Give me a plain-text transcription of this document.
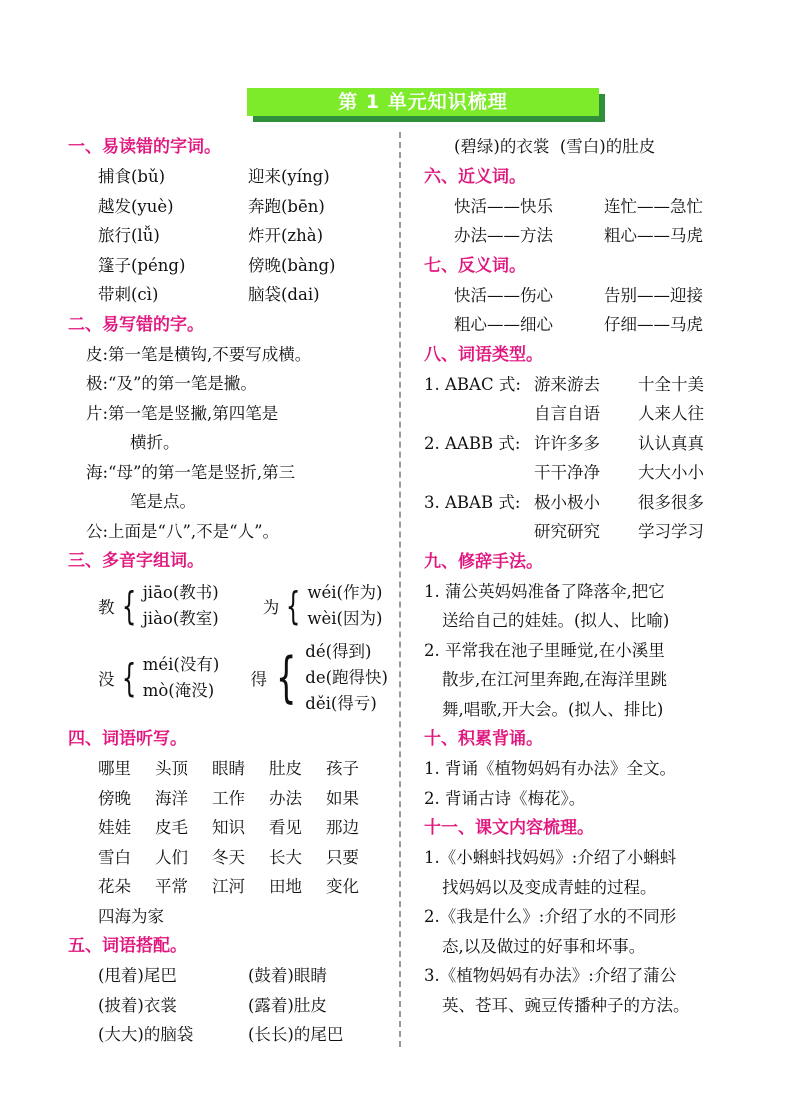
第 1 单元知识梳理
一、易读错的字词。
捕食(bǔ)	迎来(yíng)
越发(yuè)	奔跑(bēn)
旅行(lǚ)	炸开(zhà)
篷子(péng)	傍晚(bàng)
带刺(cì)	脑袋(dai)
二、易写错的字。
皮:第一笔是横钩,不要写成横。
极:“及”的第一笔是撇。
片:第一笔是竖撇,第四笔是
横折。
海:“母”的第一笔是竖折,第三
笔是点。
公:上面是“八”,不是“人”。
三、多音字组词。
教 { jiāo(教书)
jiào(教室)
为 { wéi(作为)
wèi(因为)
没 { méi(没有)
mò(淹没)
得 { dé(得到)
de(跑得快)
děi(得亏)
四、词语听写。
哪里	头顶	眼睛	肚皮	孩子
傍晚	海洋	工作	办法	如果
娃娃	皮毛	知识	看见	那边
雪白	人们	冬天	长大	只要
花朵	平常	江河	田地	变化
四海为家
五、词语搭配。
(甩着)尾巴	(鼓着)眼睛
(披着)衣裳	(露着)肚皮
(大大)的脑袋	(长长)的尾巴
(碧绿)的衣裳  (雪白)的肚皮
六、近义词。
快活——快乐	连忙——急忙
办法——方法	粗心——马虎
七、反义词。
快活——伤心	告别——迎接
粗心——细心	仔细——马虎
八、词语类型。
1. ABAC 式: 游来游去	十全十美
自言自语	人来人往
2. AABB 式: 许许多多	认认真真
干干净净	大大小小
3. ABAB 式: 极小极小	很多很多
研究研究	学习学习
九、修辞手法。
1. 蒲公英妈妈准备了降落伞,把它
送给自己的娃娃。(拟人、比喻)
2. 平常我在池子里睡觉,在小溪里
散步,在江河里奔跑,在海洋里跳
舞,唱歌,开大会。(拟人、排比)
十、积累背诵。
1. 背诵《植物妈妈有办法》全文。
2. 背诵古诗《梅花》。
十一、课文内容梳理。
1.《小蝌蚪找妈妈》:介绍了小蝌蚪
找妈妈以及变成青蛙的过程。
2.《我是什么》:介绍了水的不同形
态,以及做过的好事和坏事。
3.《植物妈妈有办法》:介绍了蒲公
英、苍耳、豌豆传播种子的方法。
